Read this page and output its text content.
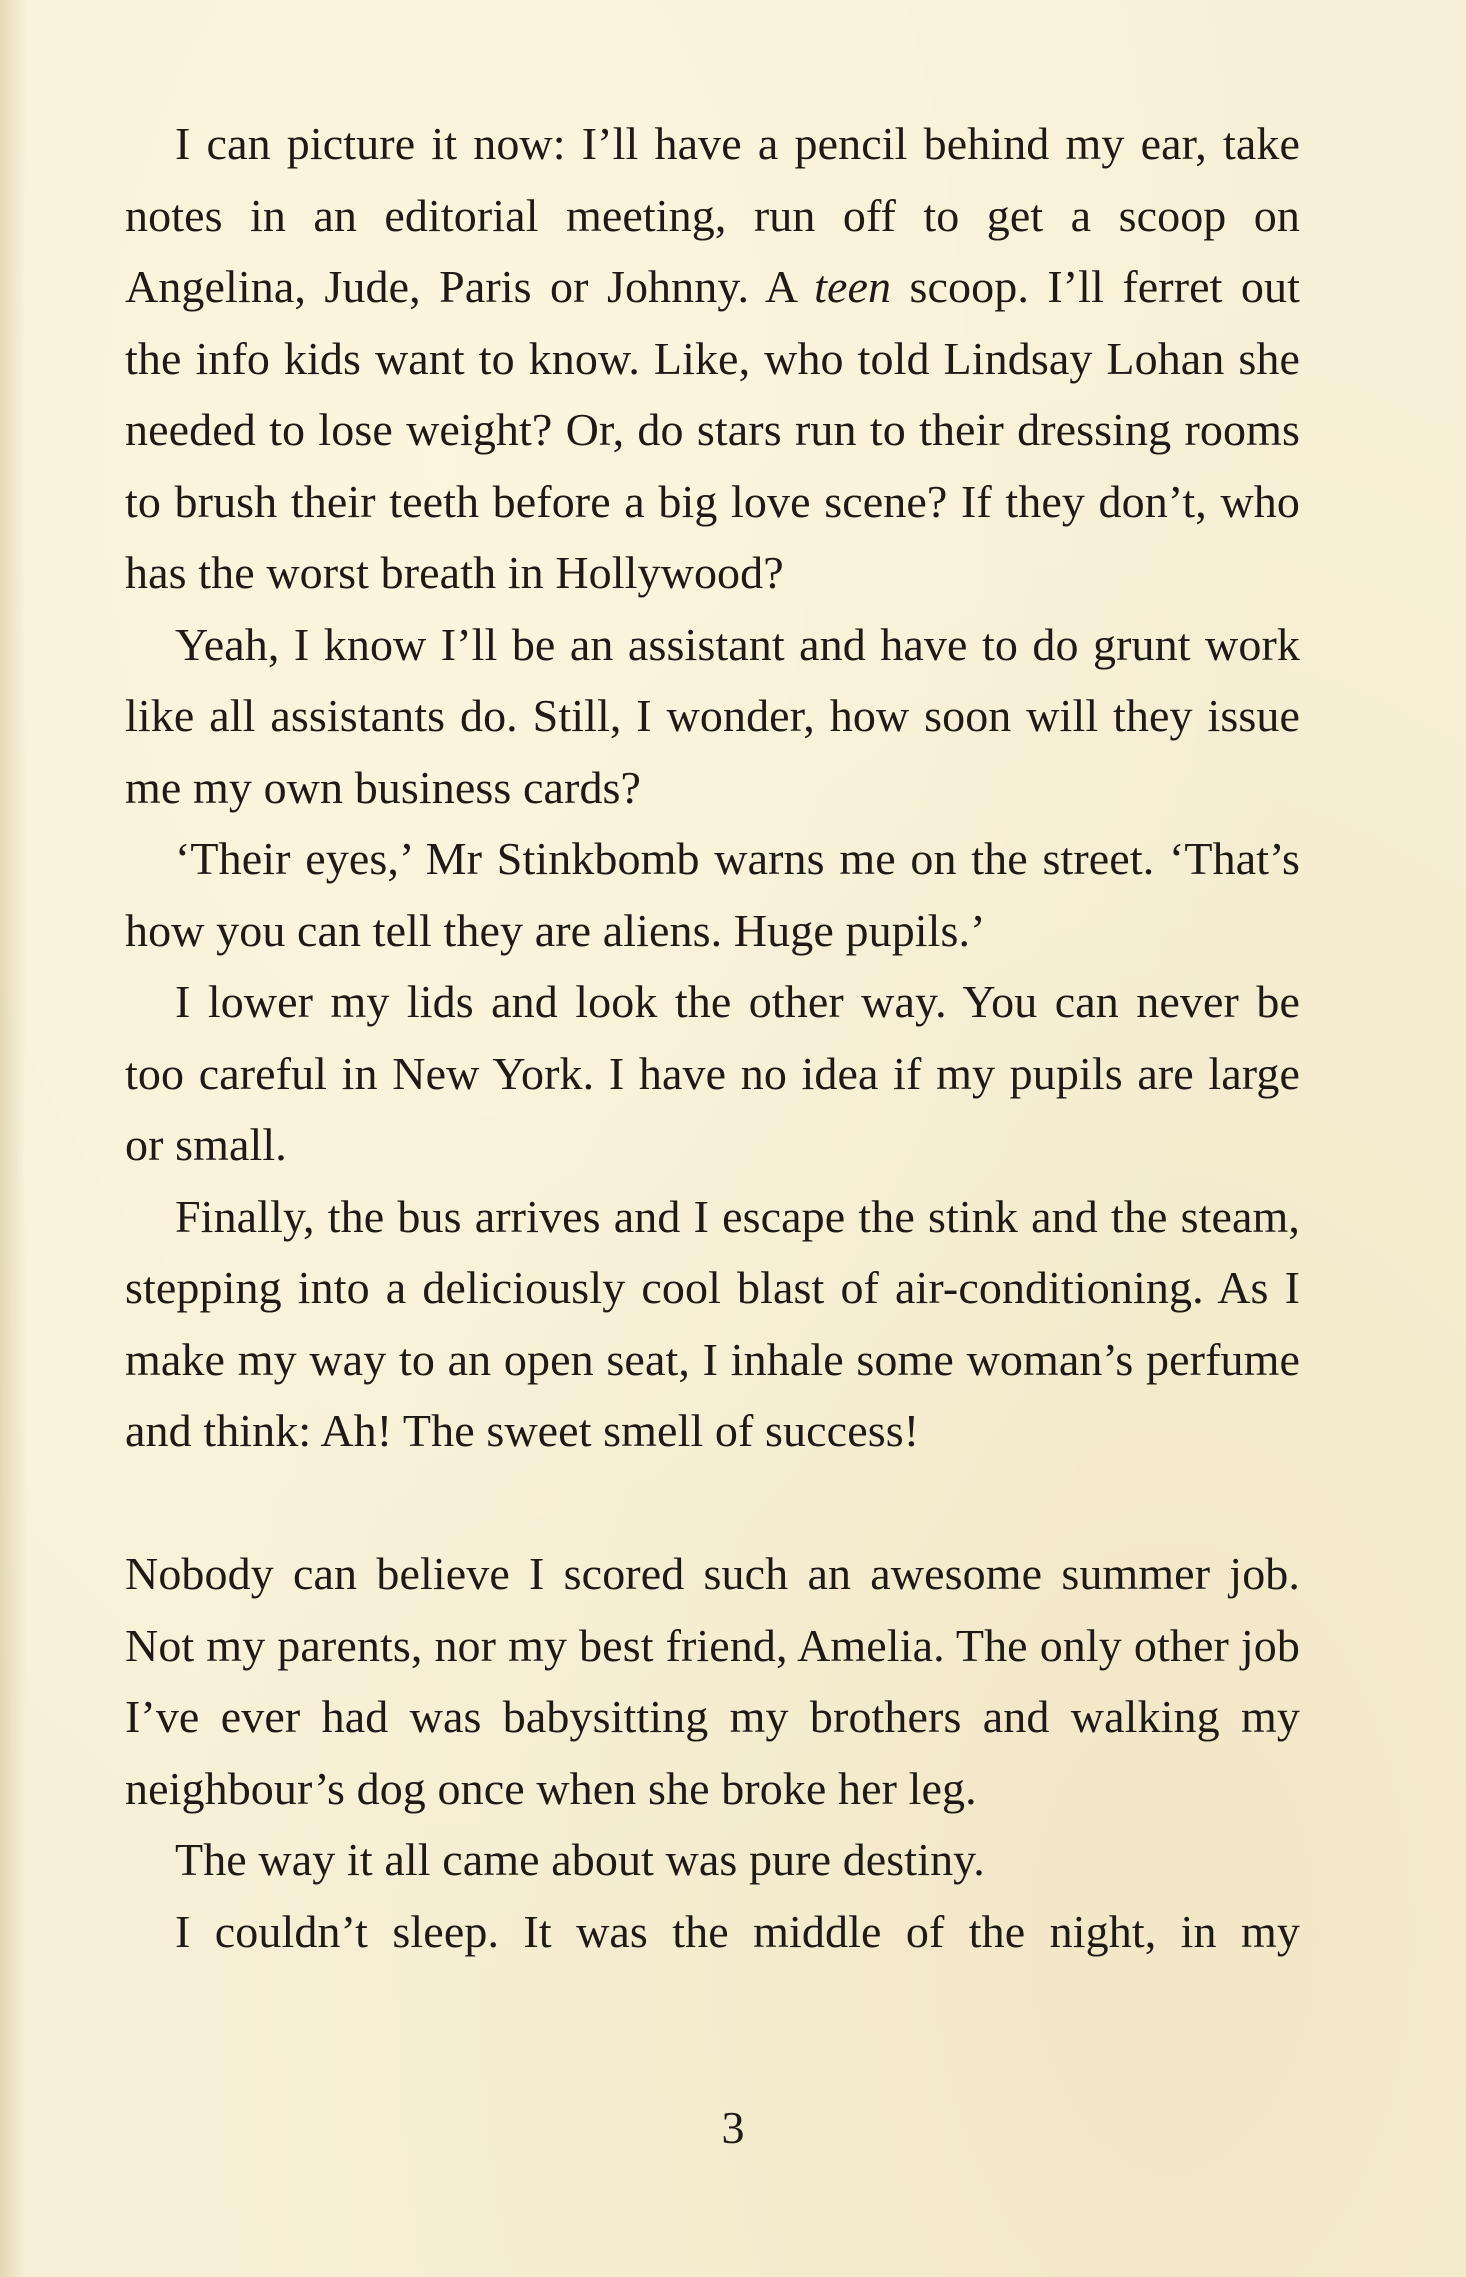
I can picture it now: I’ll have a pencil behind my ear, take notes in an editorial meeting, run off to get a scoop on Angelina, Jude, Paris or Johnny. A teen scoop. I’ll ferret out the info kids want to know. Like, who told Lindsay Lohan she needed to lose weight? Or, do stars run to their dressing rooms to brush their teeth before a big love scene? If they don’t, who has the worst breath in Hollywood?

Yeah, I know I’ll be an assistant and have to do grunt work like all assistants do. Still, I wonder, how soon will they issue me my own business cards?

‘Their eyes,’ Mr Stinkbomb warns me on the street. ‘That’s how you can tell they are aliens. Huge pupils.’

I lower my lids and look the other way. You can never be too careful in New York. I have no idea if my pupils are large or small.

Finally, the bus arrives and I escape the stink and the steam, stepping into a deliciously cool blast of air-conditioning. As I make my way to an open seat, I inhale some woman’s perfume and think: Ah! The sweet smell of success!

Nobody can believe I scored such an awesome summer job. Not my parents, nor my best friend, Amelia. The only other job I’ve ever had was babysitting my brothers and walking my neighbour’s dog once when she broke her leg.

The way it all came about was pure destiny.

I couldn’t sleep. It was the middle of the night, in my

3
